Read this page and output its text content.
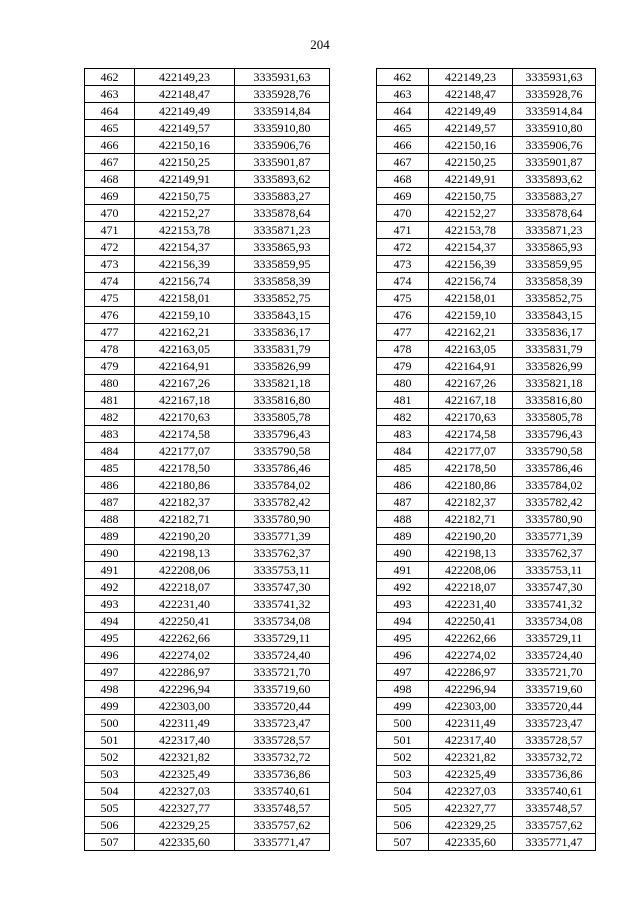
204
462	422149,23	3335931,63
463	422148,47	3335928,76
464	422149,49	3335914,84
465	422149,57	3335910,80
466	422150,16	3335906,76
467	422150,25	3335901,87
468	422149,91	3335893,62
469	422150,75	3335883,27
470	422152,27	3335878,64
471	422153,78	3335871,23
472	422154,37	3335865,93
473	422156,39	3335859,95
474	422156,74	3335858,39
475	422158,01	3335852,75
476	422159,10	3335843,15
477	422162,21	3335836,17
478	422163,05	3335831,79
479	422164,91	3335826,99
480	422167,26	3335821,18
481	422167,18	3335816,80
482	422170,63	3335805,78
483	422174,58	3335796,43
484	422177,07	3335790,58
485	422178,50	3335786,46
486	422180,86	3335784,02
487	422182,37	3335782,42
488	422182,71	3335780,90
489	422190,20	3335771,39
490	422198,13	3335762,37
491	422208,06	3335753,11
492	422218,07	3335747,30
493	422231,40	3335741,32
494	422250,41	3335734,08
495	422262,66	3335729,11
496	422274,02	3335724,40
497	422286,97	3335721,70
498	422296,94	3335719,60
499	422303,00	3335720,44
500	422311,49	3335723,47
501	422317,40	3335728,57
502	422321,82	3335732,72
503	422325,49	3335736,86
504	422327,03	3335740,61
505	422327,77	3335748,57
506	422329,25	3335757,62
507	422335,60	3335771,47
462	422149,23	3335931,63
463	422148,47	3335928,76
464	422149,49	3335914,84
465	422149,57	3335910,80
466	422150,16	3335906,76
467	422150,25	3335901,87
468	422149,91	3335893,62
469	422150,75	3335883,27
470	422152,27	3335878,64
471	422153,78	3335871,23
472	422154,37	3335865,93
473	422156,39	3335859,95
474	422156,74	3335858,39
475	422158,01	3335852,75
476	422159,10	3335843,15
477	422162,21	3335836,17
478	422163,05	3335831,79
479	422164,91	3335826,99
480	422167,26	3335821,18
481	422167,18	3335816,80
482	422170,63	3335805,78
483	422174,58	3335796,43
484	422177,07	3335790,58
485	422178,50	3335786,46
486	422180,86	3335784,02
487	422182,37	3335782,42
488	422182,71	3335780,90
489	422190,20	3335771,39
490	422198,13	3335762,37
491	422208,06	3335753,11
492	422218,07	3335747,30
493	422231,40	3335741,32
494	422250,41	3335734,08
495	422262,66	3335729,11
496	422274,02	3335724,40
497	422286,97	3335721,70
498	422296,94	3335719,60
499	422303,00	3335720,44
500	422311,49	3335723,47
501	422317,40	3335728,57
502	422321,82	3335732,72
503	422325,49	3335736,86
504	422327,03	3335740,61
505	422327,77	3335748,57
506	422329,25	3335757,62
507	422335,60	3335771,47
